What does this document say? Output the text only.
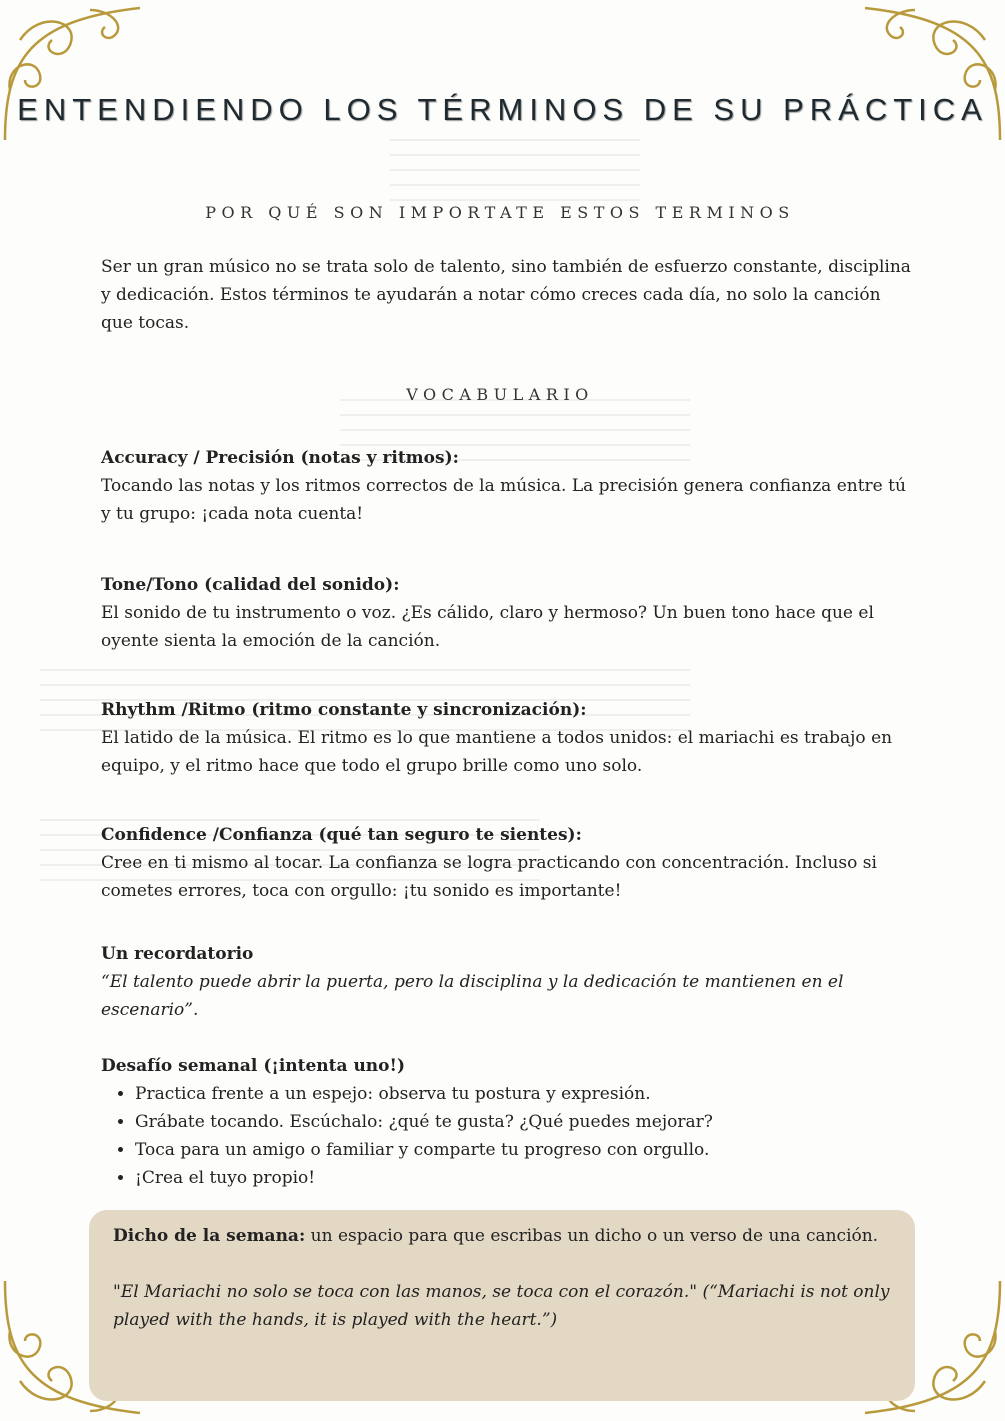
ENTENDIENDO LOS TÉRMINOS DE SU PRÁCTICA
POR QUÉ SON IMPORTATE ESTOS TERMINOS

Ser un gran músico no se trata solo de talento, sino también de esfuerzo constante, disciplina y dedicación. Estos términos te ayudarán a notar cómo creces cada día, no solo la canción que tocas.

VOCABULARIO
Accuracy / Precisión (notas y ritmos):

Tocando las notas y los ritmos correctos de la música. La precisión genera confianza entre tú y tu grupo: ¡cada nota cuenta!

Tone/Tono (calidad del sonido):

El sonido de tu instrumento o voz. ¿Es cálido, claro y hermoso? Un buen tono hace que el oyente sienta la emoción de la canción.

Rhythm /Ritmo (ritmo constante y sincronización):

El latido de la música. El ritmo es lo que mantiene a todos unidos: el mariachi es trabajo en equipo, y el ritmo hace que todo el grupo brille como uno solo.

Confidence /Confianza (qué tan seguro te sientes):

Cree en ti mismo al tocar. La confianza se logra practicando con concentración. Incluso si cometes errores, toca con orgullo: ¡tu sonido es importante!

Un recordatorio

“El talento puede abrir la puerta, pero la disciplina y la dedicación te mantienen en el escenario”.

Desafío semanal (¡intenta uno!)
• Practica frente a un espejo: observa tu postura y expresión.
• Grábate tocando. Escúchalo: ¿qué te gusta? ¿Qué puedes mejorar?
• Toca para un amigo o familiar y comparte tu progreso con orgullo.
• ¡Crea el tuyo propio!

Dicho de la semana: un espacio para que escribas un dicho o un verso de una canción.

"El Mariachi no solo se toca con las manos, se toca con el corazón." (“Mariachi is not only played with the hands, it is played with the heart.”)
